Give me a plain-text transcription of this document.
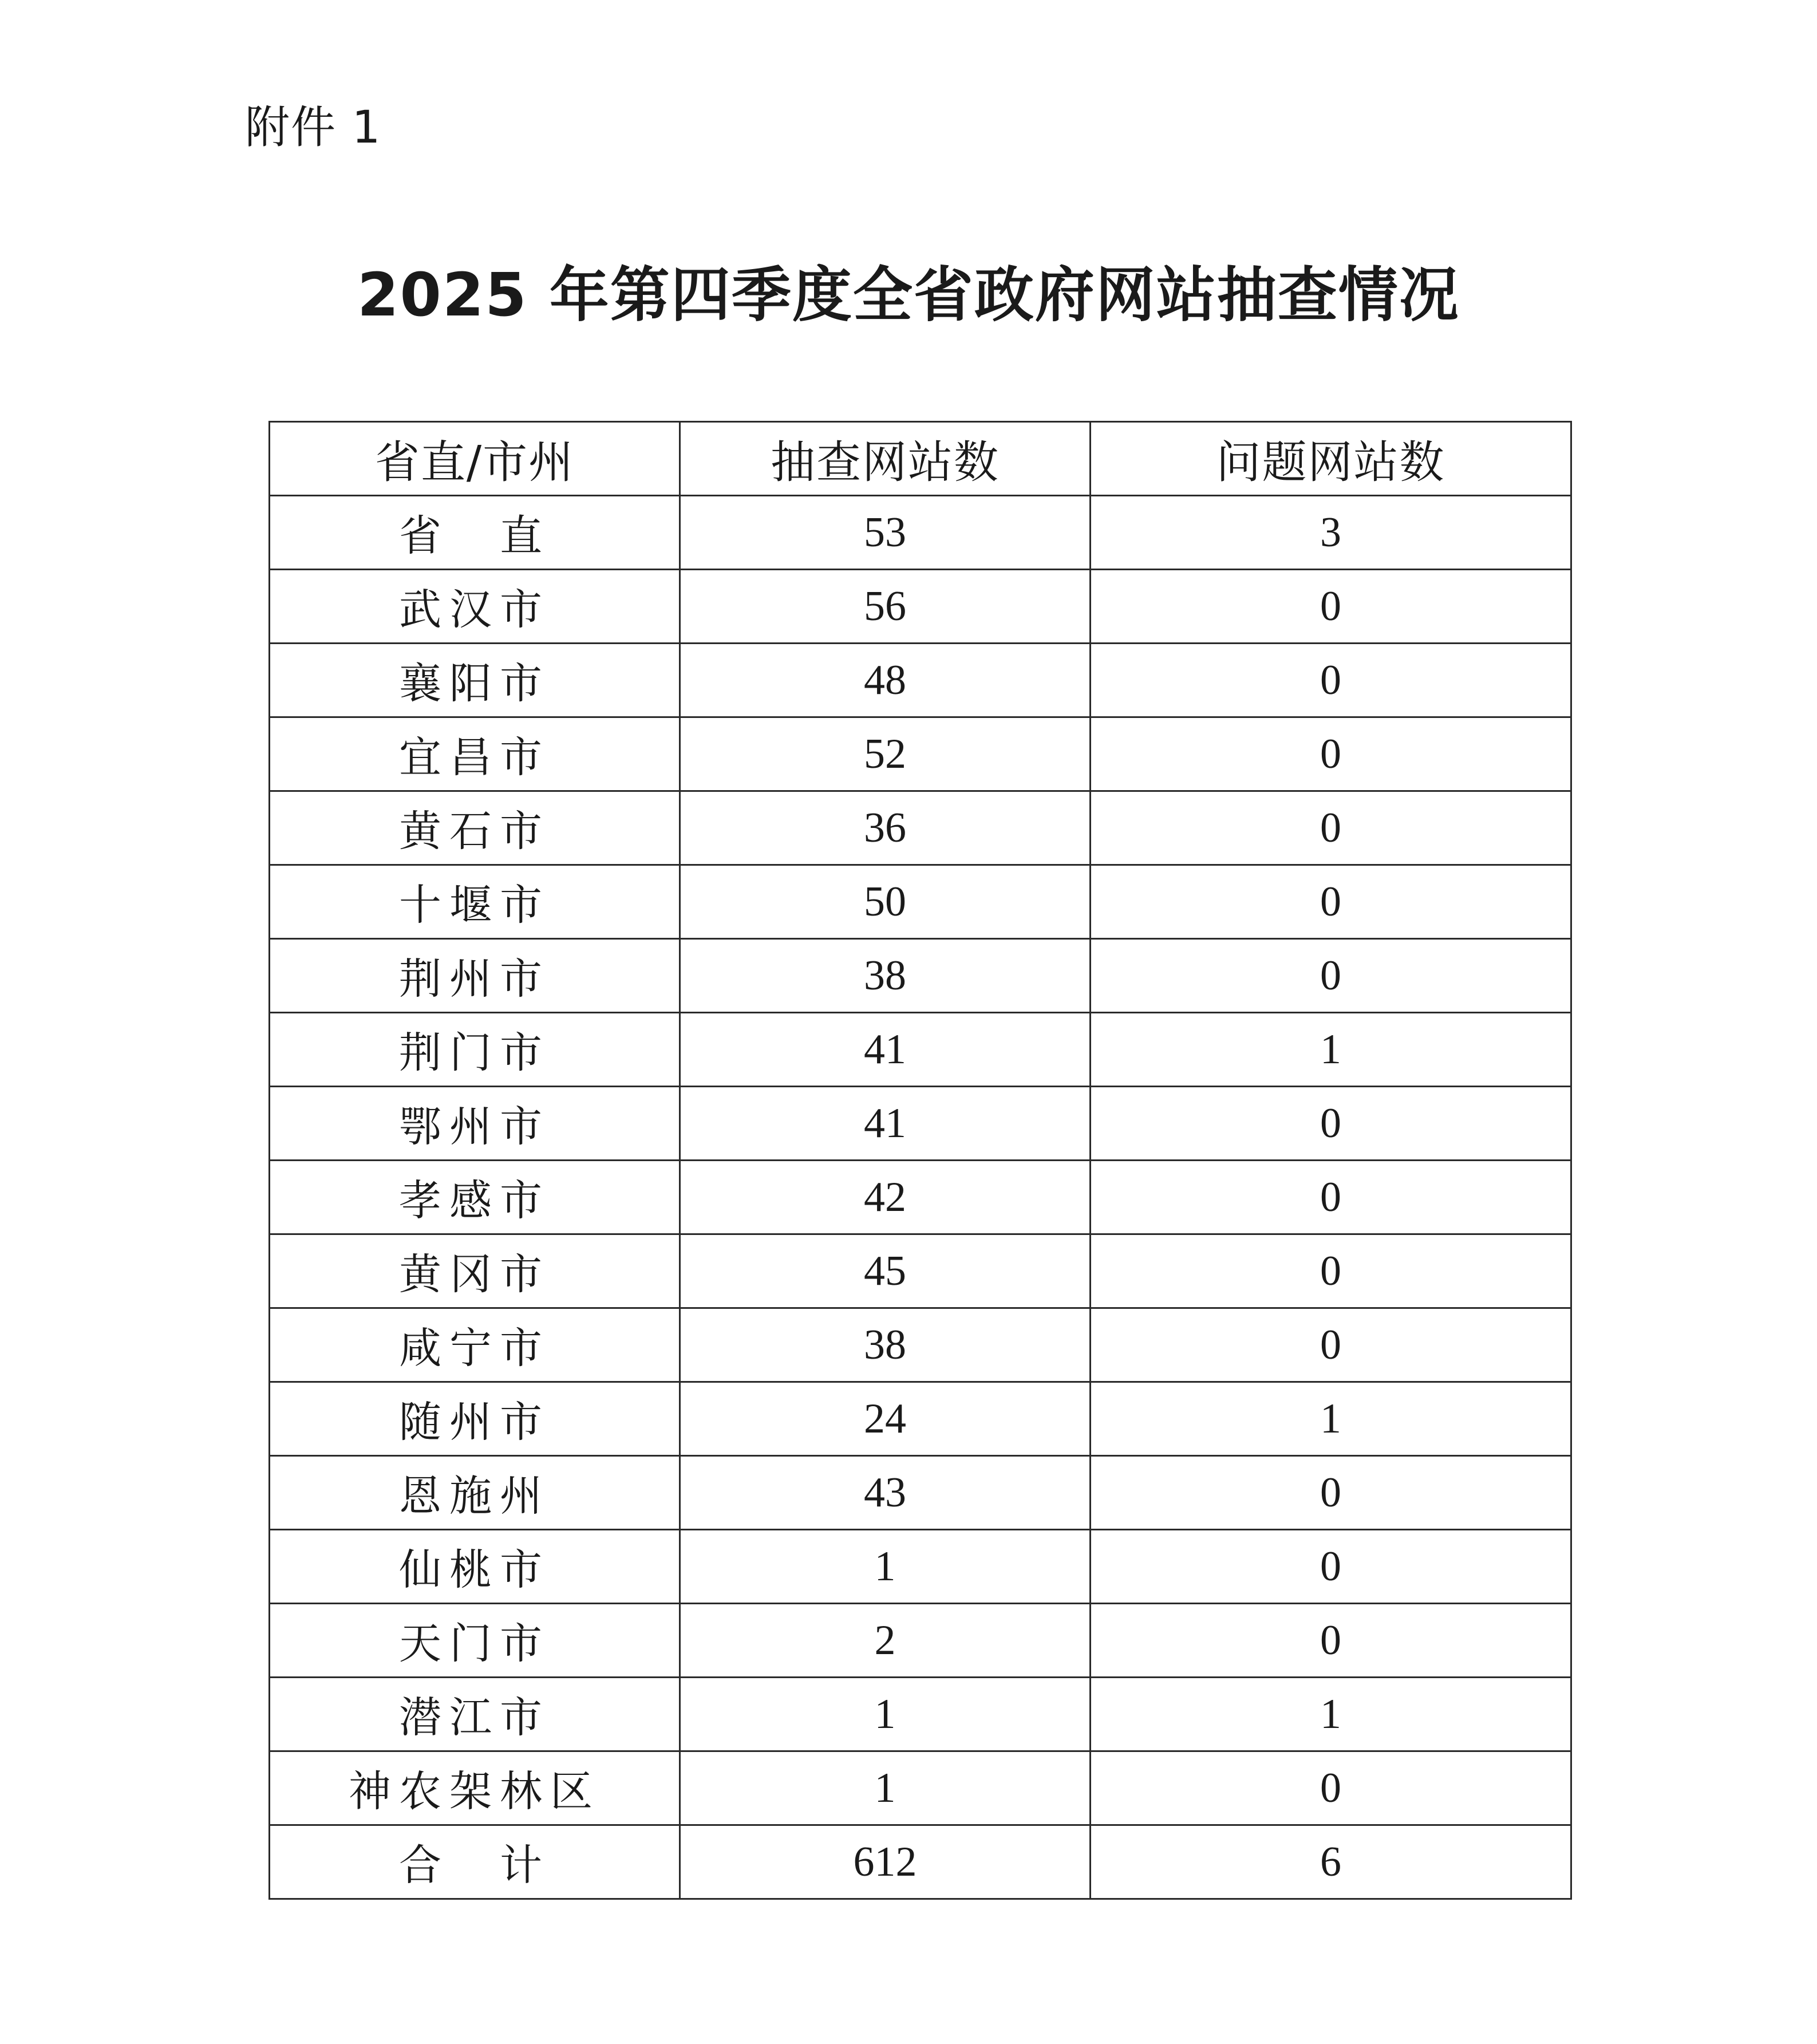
附件 1
2025 年第四季度全省政府网站抽查情况
省直/市州	抽查网站数	问题网站数
省　直	53	3
武汉市	56	0
襄阳市	48	0
宜昌市	52	0
黄石市	36	0
十堰市	50	0
荆州市	38	0
荆门市	41	1
鄂州市	41	0
孝感市	42	0
黄冈市	45	0
咸宁市	38	0
随州市	24	1
恩施州	43	0
仙桃市	1	0
天门市	2	0
潜江市	1	1
神农架林区	1	0
合　计	612	6
